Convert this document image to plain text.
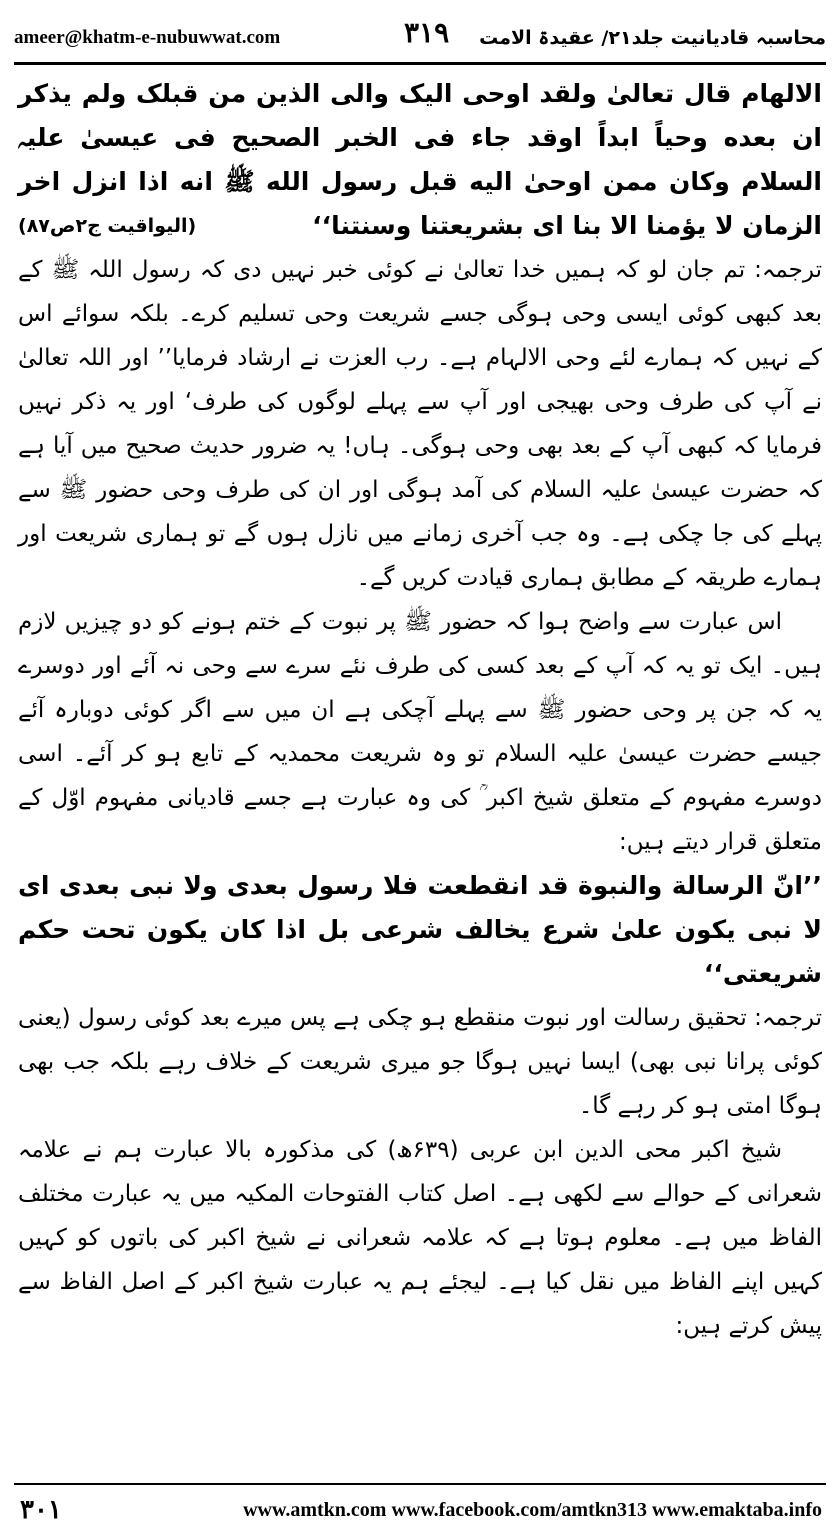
ameer@khatm-e-nubuwwat.com	٣١٩ محاسبہ قادیانیت جلد۲۱/ عقیدۃ الامت

الالهام قال تعالیٰ ولقد اوحی الیک والی الذین من قبلک ولم یذکر ان بعده وحیاً ابداً اوقد جاء فی الخبر الصحیح فی عیسیٰ علیہ السلام وکان ممن اوحیٰ الیه قبل رسول الله ﷺ انه اذا انزل اخر الزمان لا یؤمنا الا بنا ای بشریعتنا وسنتنا‘‘
(الیواقیت ج۲ص۸۷)

ترجمہ: تم جان لو کہ ہمیں خدا تعالیٰ نے کوئی خبر نہیں دی کہ رسول اللہ ﷺ کے بعد کبھی کوئی ایسی وحی ہوگی جسے شریعت وحی تسلیم کرے۔ بلکہ سوائے اس کے نہیں کہ ہمارے لئے وحی الالہام ہے۔ رب العزت نے ارشاد فرمایا’’ اور اللہ تعالیٰ نے آپ کی طرف وحی بھیجی اور آپ سے پہلے لوگوں کی طرف‘ اور یہ ذکر نہیں فرمایا کہ کبھی آپ کے بعد بھی وحی ہوگی۔ ہاں! یہ ضرور حدیث صحیح میں آیا ہے کہ حضرت عیسیٰ علیہ السلام کی آمد ہوگی اور ان کی طرف وحی حضور ﷺ سے پہلے کی جا چکی ہے۔ وہ جب آخری زمانے میں نازل ہوں گے تو ہماری شریعت اور ہمارے طریقہ کے مطابق ہماری قیادت کریں گے۔

اس عبارت سے واضح ہوا کہ حضور ﷺ پر نبوت کے ختم ہونے کو دو چیزیں لازم ہیں۔ ایک تو یہ کہ آپ کے بعد کسی کی طرف نئے سرے سے وحی نہ آئے اور دوسرے یہ کہ جن پر وحی حضور ﷺ سے پہلے آچکی ہے ان میں سے اگر کوئی دوبارہ آئے جیسے حضرت عیسیٰ علیہ السلام تو وہ شریعت محمدیہ کے تابع ہو کر آئے۔ اسی دوسرے مفہوم کے متعلق شیخ اکبر ؒ کی وہ عبارت ہے جسے قادیانی مفہوم اوّل کے متعلق قرار دیتے ہیں:

’’انّ الرسالة والنبوة قد انقطعت فلا رسول بعدی ولا نبی بعدی ای لا نبی یکون علیٰ شرع یخالف شرعی بل اذا کان یکون تحت حکم شریعتی‘‘

ترجمہ: تحقیق رسالت اور نبوت منقطع ہو چکی ہے پس میرے بعد کوئی رسول (یعنی کوئی پرانا نبی بھی) ایسا نہیں ہوگا جو میری شریعت کے خلاف رہے بلکہ جب بھی ہوگا امتی ہو کر رہے گا۔

شیخ اکبر محی الدین ابن عربی (۶۳۹ھ) کی مذکورہ بالا عبارت ہم نے علامہ شعرانی کے حوالے سے لکھی ہے۔ اصل کتاب الفتوحات المکیہ میں یہ عبارت مختلف الفاظ میں ہے۔ معلوم ہوتا ہے کہ علامہ شعرانی نے شیخ اکبر کی باتوں کو کہیں کہیں اپنے الفاظ میں نقل کیا ہے۔ لیجئے ہم یہ عبارت شیخ اکبر کے اصل الفاظ سے پیش کرتے ہیں:

٣٠١	www.amtkn.com www.facebook.com/amtkn313 www.emaktaba.info
